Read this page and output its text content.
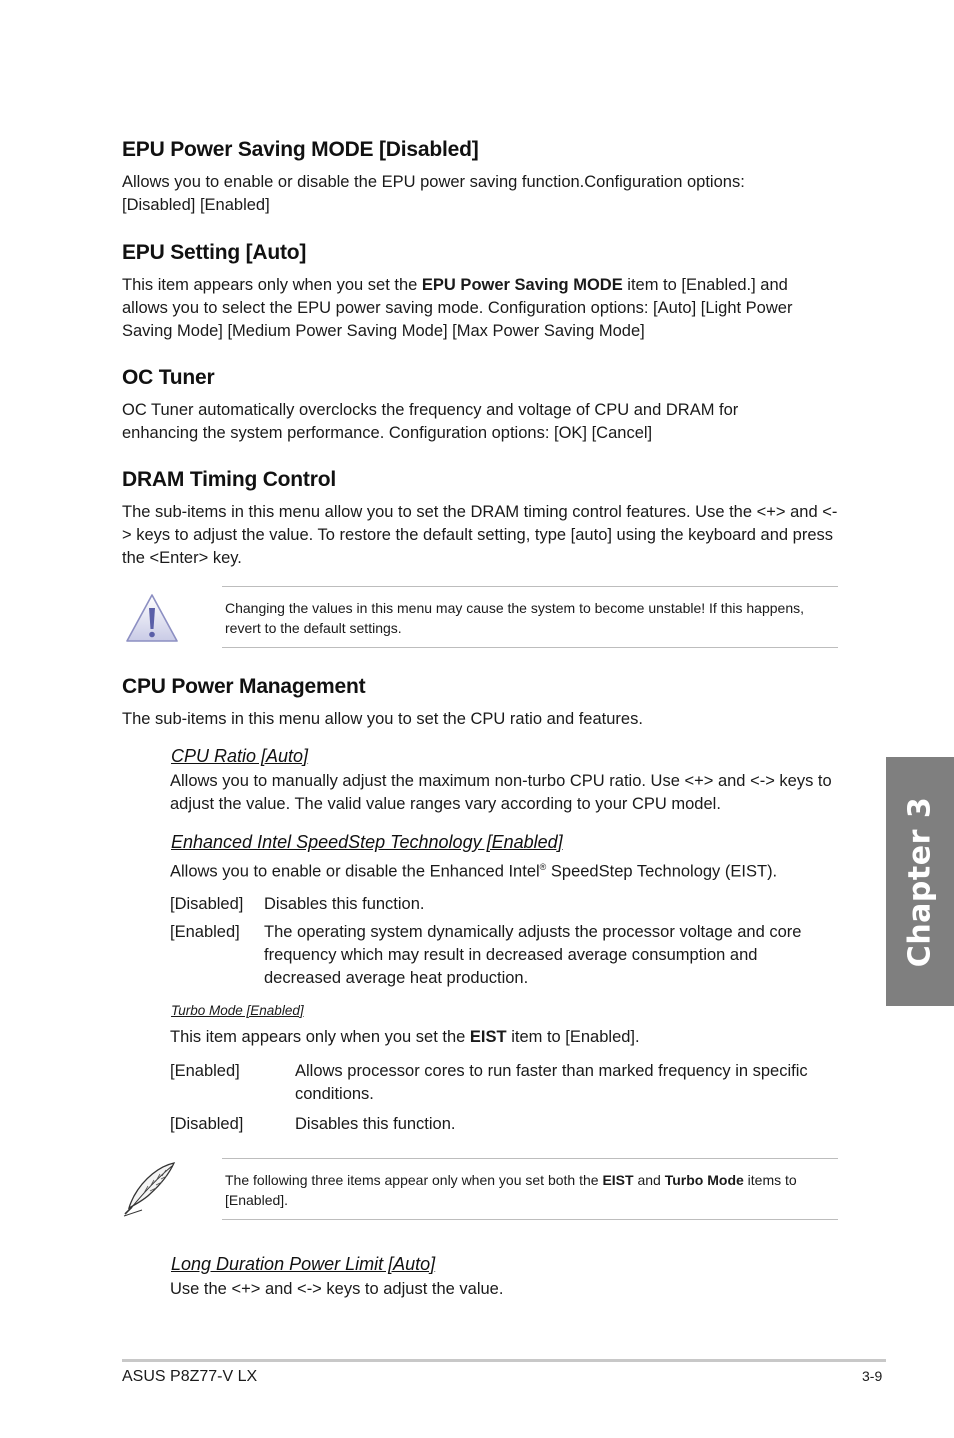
EPU Power Saving MODE [Disabled]

Allows you to enable or disable the EPU power saving function.Configuration options: [Disabled] [Enabled]

EPU Setting [Auto]

This item appears only when you set the EPU Power Saving MODE item to [Enabled.] and allows you to select the EPU power saving mode. Configuration options: [Auto] [Light Power Saving Mode] [Medium Power Saving Mode] [Max Power Saving Mode]

OC Tuner

OC Tuner automatically overclocks the frequency and voltage of CPU and DRAM for enhancing the system performance. Configuration options: [OK] [Cancel]

DRAM Timing Control

The sub-items in this menu allow you to set the DRAM timing control features. Use the <+> and <-> keys to adjust the value. To restore the default setting, type [auto] using the keyboard and press the <Enter> key.

Changing the values in this menu may cause the system to become unstable! If this happens, revert to the default settings.

CPU Power Management

The sub-items in this menu allow you to set the CPU ratio and features.

CPU Ratio [Auto]

Allows you to manually adjust the maximum non-turbo CPU ratio. Use <+> and <-> keys to adjust the value. The valid value ranges vary according to your CPU model.

Enhanced Intel SpeedStep Technology [Enabled]

Allows you to enable or disable the Enhanced Intel® SpeedStep Technology (EIST).

[Disabled] Disables this function.
[Enabled] The operating system dynamically adjusts the processor voltage and core frequency which may result in decreased average consumption and decreased average heat production.
Turbo Mode [Enabled]

This item appears only when you set the EIST item to [Enabled].

[Enabled]	Allows processor cores to run faster than marked frequency in specific conditions.
[Disabled]	Disables this function.

The following three items appear only when you set both the EIST and Turbo Mode items to [Enabled].

Long Duration Power Limit [Auto]

Use the <+> and <-> keys to adjust the value.

Chapter 3
ASUS P8Z77-V LX	3-9
